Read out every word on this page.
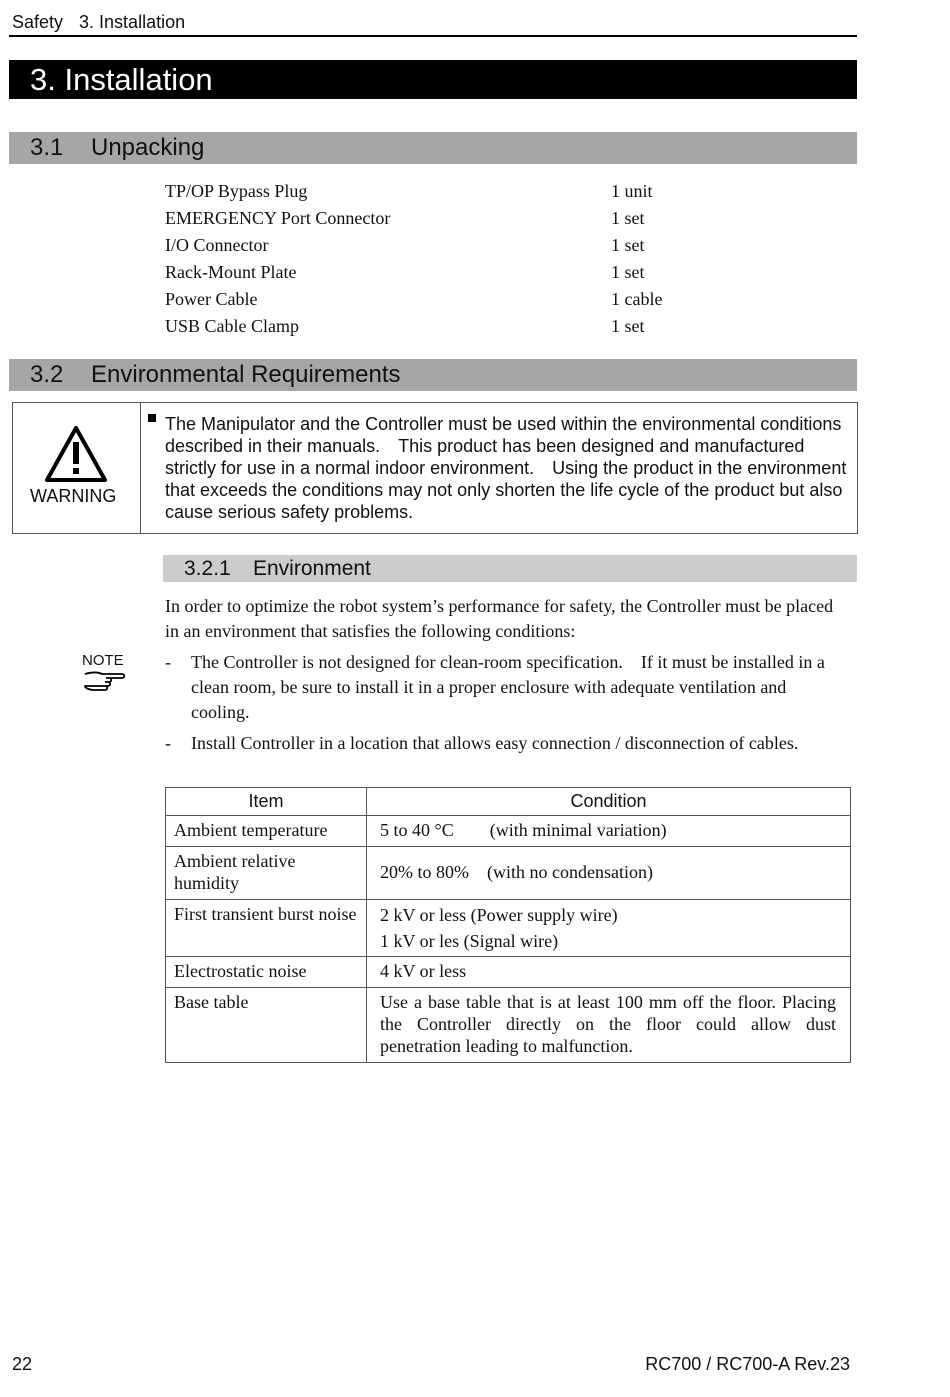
Safety 3. Installation
3. Installation
3.1 Unpacking
TP/OP Bypass Plug	1 unit
EMERGENCY Port Connector	1 set
I/O Connector	1 set
Rack-Mount Plate	1 set
Power Cable	1 cable
USB Cable Clamp	1 set
3.2 Environmental Requirements
WARNING
The Manipulator and the Controller must be used within the environmental conditions described in their manuals. This product has been designed and manufactured strictly for use in a normal indoor environment. Using the product in the environment that exceeds the conditions may not only shorten the life cycle of the product but also cause serious safety problems.
3.2.1 Environment
In order to optimize the robot system’s performance for safety, the Controller must be placed in an environment that satisfies the following conditions:
NOTE - The Controller is not designed for clean-room specification. If it must be installed in a clean room, be sure to install it in a proper enclosure with adequate ventilation and cooling.
- Install Controller in a location that allows easy connection / disconnection of cables.
Item	Condition
Ambient temperature	5 to 40 °C  (with minimal variation)
Ambient relative humidity	20% to 80% (with no condensation)
First transient burst noise	2 kV or less (Power supply wire)
1 kV or les (Signal wire)

Electrostatic noise	4 kV or less
Base table	Use a base table that is at least 100 mm off the floor. Placing the Controller directly on the floor could allow dust penetration leading to malfunction.
22	RC700 / RC700-A Rev.23
